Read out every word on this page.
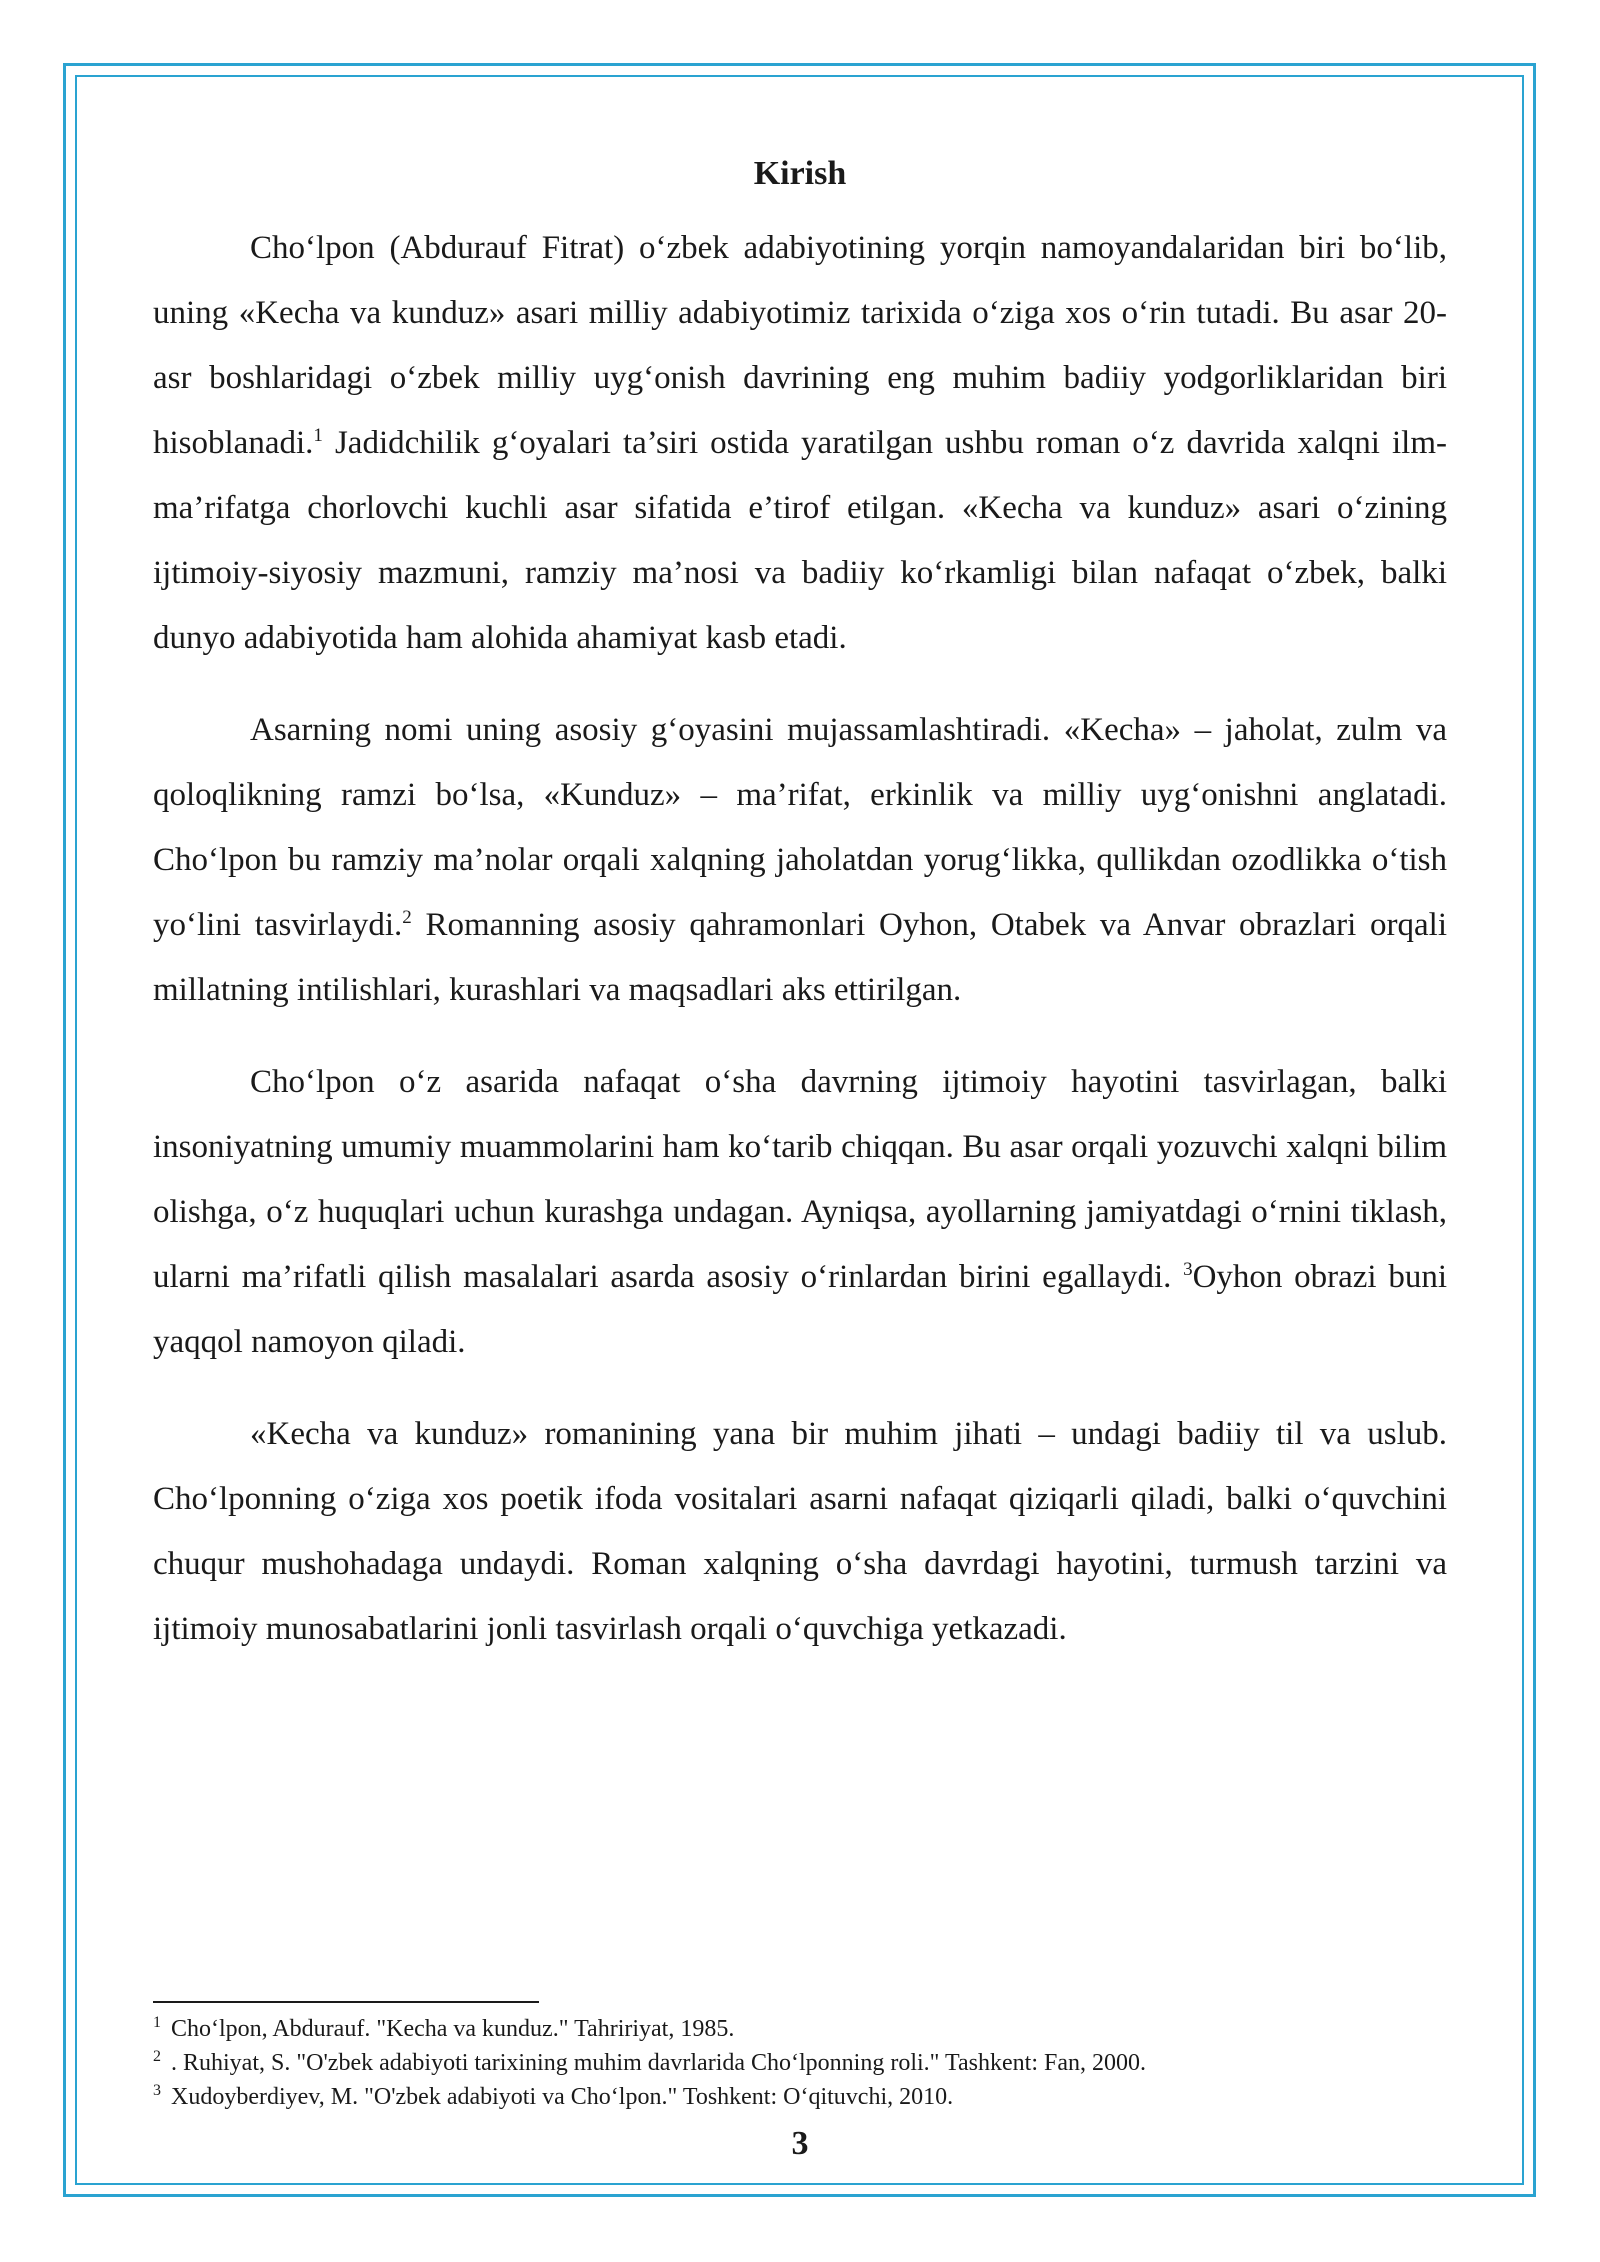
Kirish

Cho‘lpon (Abdurauf Fitrat) o‘zbek adabiyotining yorqin namoyandalaridan biri bo‘lib, uning «Kecha va kunduz» asari milliy adabiyotimiz tarixida o‘ziga xos o‘rin tutadi. Bu asar 20-asr boshlaridagi o‘zbek milliy uyg‘onish davrining eng muhim badiiy yodgorliklaridan biri hisoblanadi.$^1$ Jadidchilik g‘oyalari ta’siri ostida yaratilgan ushbu roman o‘z davrida xalqni ilm-ma’rifatga chorlovchi kuchli asar sifatida e’tirof etilgan. «Kecha va kunduz» asari o‘zining ijtimoiy-siyosiy mazmuni, ramziy ma’nosi va badiiy ko‘rkamligi bilan nafaqat o‘zbek, balki dunyo adabiyotida ham alohida ahamiyat kasb etadi.

Asarning nomi uning asosiy g‘oyasini mujassamlashtiradi. «Kecha» – jaholat, zulm va qoloqlikning ramzi bo‘lsa, «Kunduz» – ma’rifat, erkinlik va milliy uyg‘onishni anglatadi. Cho‘lpon bu ramziy ma’nolar orqali xalqning jaholatdan yorug‘likka, qullikdan ozodlikka o‘tish yo‘lini tasvirlaydi.$^2$ Romanning asosiy qahramonlari Oyhon, Otabek va Anvar obrazlari orqali millatning intilishlari, kurashlari va maqsadlari aks ettirilgan.

Cho‘lpon o‘z asarida nafaqat o‘sha davrning ijtimoiy hayotini tasvirlagan, balki insoniyatning umumiy muammolarini ham ko‘tarib chiqqan. Bu asar orqali yozuvchi xalqni bilim olishga, o‘z huquqlari uchun kurashga undagan. Ayniqsa, ayollarning jamiyatdagi o‘rnini tiklash, ularni ma’rifatli qilish masalalari asarda asosiy o‘rinlardan birini egallaydi. $^3$Oyhon obrazi buni yaqqol namoyon qiladi.

«Kecha va kunduz» romanining yana bir muhim jihati – undagi badiiy til va uslub. Cho‘lponning o‘ziga xos poetik ifoda vositalari asarni nafaqat qiziqarli qiladi, balki o‘quvchini chuqur mushohadaga undaydi. Roman xalqning o‘sha davrdagi hayotini, turmush tarzini va ijtimoiy munosabatlarini jonli tasvirlash orqali o‘quvchiga yetkazadi.

$^1$ Cho‘lpon, Abdurauf. "Kecha va kunduz." Tahririyat, 1985.

$^2$ . Ruhiyat, S. "O'zbek adabiyoti tarixining muhim davrlarida Cho‘lponning roli." Tashkent: Fan, 2000.

$^3$ Xudoyberdiyev, M. "O'zbek adabiyoti va Cho‘lpon." Toshkent: O‘qituvchi, 2010.

3
